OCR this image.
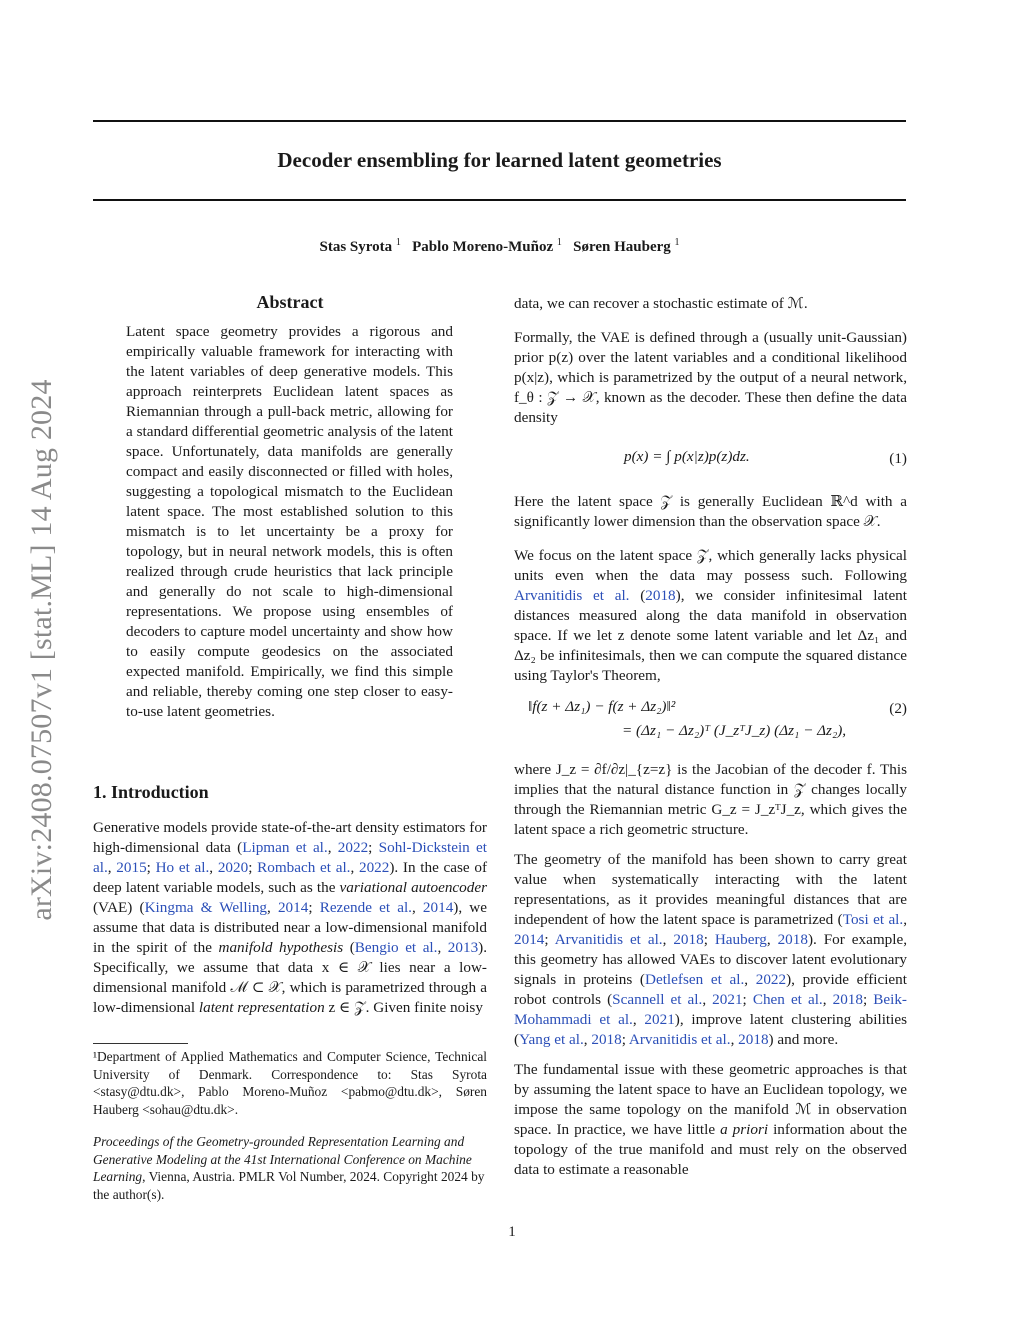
Decoder ensembling for learned latent geometries
Stas Syrota $^1$ Pablo Moreno-Muñoz $^1$ Søren Hauberg $^1$
arXiv:2408.07507v1 [stat.ML] 14 Aug 2024
Abstract
Latent space geometry provides a rigorous and empirically valuable framework for interacting with the latent variables of deep generative models. This approach reinterprets Euclidean latent spaces as Riemannian through a pull-back metric, allowing for a standard differential geometric analysis of the latent space. Unfortunately, data manifolds are generally compact and easily disconnected or filled with holes, suggesting a topological mismatch to the Euclidean latent space. The most established solution to this mismatch is to let uncertainty be a proxy for topology, but in neural network models, this is often realized through crude heuristics that lack principle and generally do not scale to high-dimensional representations. We propose using ensembles of decoders to capture model uncertainty and show how to easily compute geodesics on the associated expected manifold. Empirically, we find this simple and reliable, thereby coming one step closer to easy-to-use latent geometries.
1. Introduction

Generative models provide state-of-the-art density estimators for high-dimensional data (Lipman et al., 2022; Sohl-Dickstein et al., 2015; Ho et al., 2020; Rombach et al., 2022). In the case of deep latent variable models, such as the variational autoencoder (VAE) (Kingma & Welling, 2014; Rezende et al., 2014), we assume that data is distributed near a low-dimensional manifold in the spirit of the manifold hypothesis (Bengio et al., 2013). Specifically, we assume that data x ∈ 𝒳 lies near a low-dimensional manifold ℳ ⊂ 𝒳, which is parametrized through a low-dimensional latent representation z ∈ 𝒵. Given finite noisy

¹Department of Applied Mathematics and Computer Science, Technical University of Denmark. Correspondence to: Stas Syrota <stasy@dtu.dk>, Pablo Moreno-Muñoz <pabmo@dtu.dk>, Søren Hauberg <sohau@dtu.dk>.
Proceedings of the Geometry-grounded Representation Learning and Generative Modeling at the 41st International Conference on Machine Learning, Vienna, Austria. PMLR Vol Number, 2024. Copyright 2024 by the author(s).

data, we can recover a stochastic estimate of ℳ.

Formally, the VAE is defined through a (usually unit-Gaussian) prior p(z) over the latent variables and a conditional likelihood p(x|z), which is parametrized by the output of a neural network, f_θ : 𝒵 → 𝒳, known as the decoder. These then define the data density

p(x) = ∫ p(x|z)p(z)dz.	(1)

Here the latent space 𝒵 is generally Euclidean ℝ^d with a significantly lower dimension than the observation space 𝒳.

We focus on the latent space 𝒵, which generally lacks physical units even when the data may possess such. Following Arvanitidis et al. (2018), we consider infinitesimal latent distances measured along the data manifold in observation space. If we let z denote some latent variable and let Δz₁ and Δz₂ be infinitesimals, then we can compute the squared distance using Taylor's Theorem,

‖f(z + Δz₁) − f(z + Δz₂)‖²	(2)
= (Δz₁ − Δz₂)ᵀ (J_zᵀJ_z) (Δz₁ − Δz₂),

where J_z = ∂f/∂z|_{z=z} is the Jacobian of the decoder f. This implies that the natural distance function in 𝒵 changes locally through the Riemannian metric G_z = J_zᵀJ_z, which gives the latent space a rich geometric structure.

The geometry of the manifold has been shown to carry great value when systematically interacting with the latent representations, as it provides meaningful distances that are independent of how the latent space is parametrized (Tosi et al., 2014; Arvanitidis et al., 2018; Hauberg, 2018). For example, this geometry has allowed VAEs to discover latent evolutionary signals in proteins (Detlefsen et al., 2022), provide efficient robot controls (Scannell et al., 2021; Chen et al., 2018; Beik-Mohammadi et al., 2021), improve latent clustering abilities (Yang et al., 2018; Arvanitidis et al., 2018) and more.

The fundamental issue with these geometric approaches is that by assuming the latent space to have an Euclidean topology, we impose the same topology on the manifold ℳ in observation space. In practice, we have little a priori information about the topology of the true manifold and must rely on the observed data to estimate a reasonable

1
